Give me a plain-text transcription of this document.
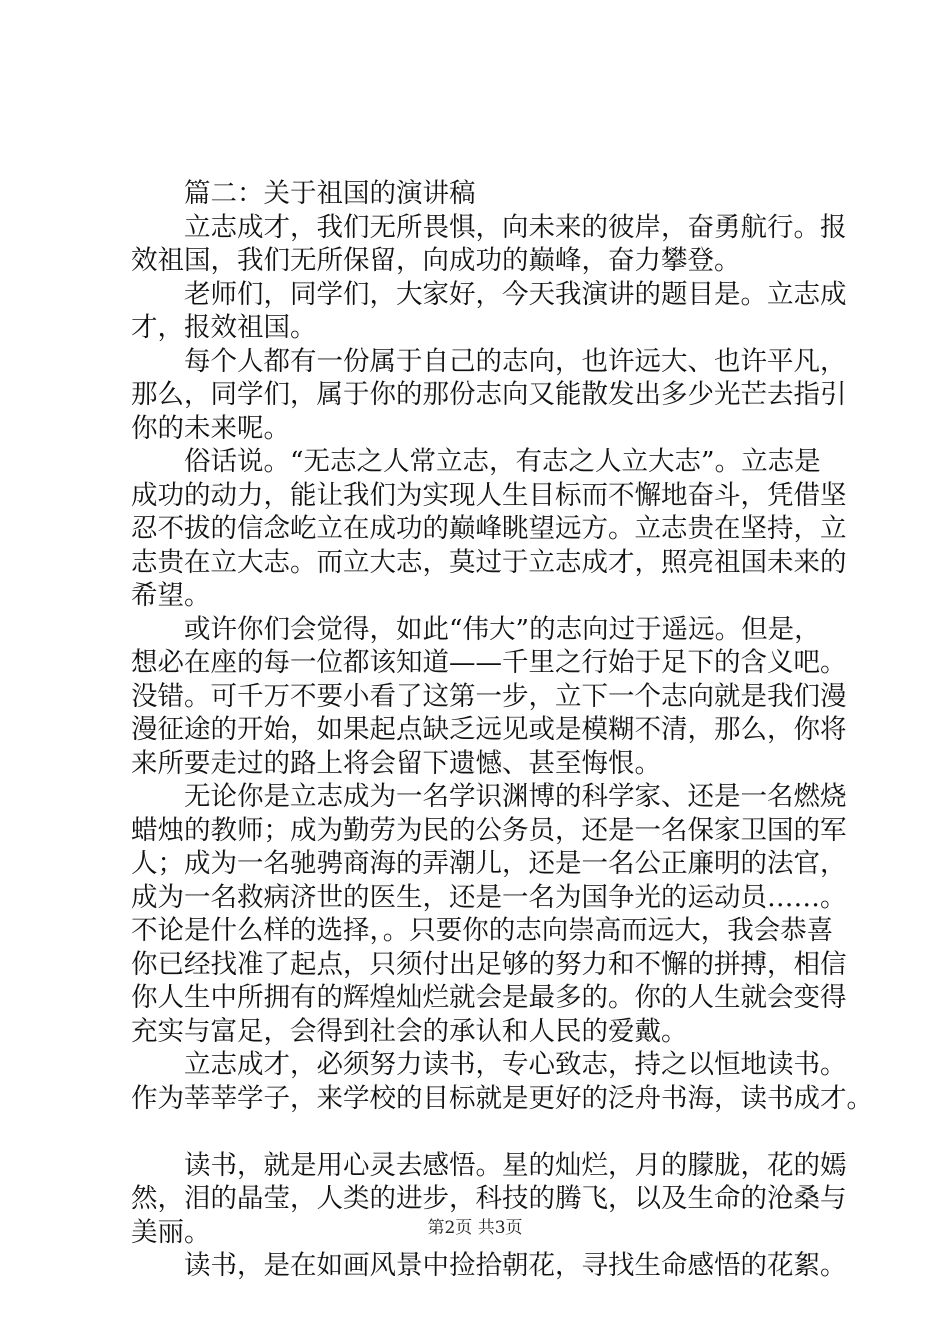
篇二：关于祖国的演讲稿
立志成才，我们无所畏惧，向未来的彼岸，奋勇航行。报
效祖国，我们无所保留，向成功的巅峰，奋力攀登。
老师们，同学们，大家好，今天我演讲的题目是。立志成
才，报效祖国。
每个人都有一份属于自己的志向，也许远大、也许平凡，
那么，同学们，属于你的那份志向又能散发出多少光芒去指引
你的未来呢。
俗话说。“无志之人常立志，有志之人立大志”。立志是
成功的动力，能让我们为实现人生目标而不懈地奋斗，凭借坚
忍不拔的信念屹立在成功的巅峰眺望远方。立志贵在坚持，立
志贵在立大志。而立大志，莫过于立志成才，照亮祖国未来的
希望。
或许你们会觉得，如此“伟大”的志向过于遥远。但是，
想必在座的每一位都该知道——千里之行始于足下的含义吧。
没错。可千万不要小看了这第一步，立下一个志向就是我们漫
漫征途的开始，如果起点缺乏远见或是模糊不清，那么，你将
来所要走过的路上将会留下遗憾、甚至悔恨。
无论你是立志成为一名学识渊博的科学家、还是一名燃烧
蜡烛的教师；成为勤劳为民的公务员，还是一名保家卫国的军
人；成为一名驰骋商海的弄潮儿，还是一名公正廉明的法官，
成为一名救病济世的医生，还是一名为国争光的运动员……。
不论是什么样的选择，。只要你的志向崇高而远大，我会恭喜
你已经找准了起点，只须付出足够的努力和不懈的拼搏，相信
你人生中所拥有的辉煌灿烂就会是最多的。你的人生就会变得
充实与富足，会得到社会的承认和人民的爱戴。
立志成才，必须努力读书，专心致志，持之以恒地读书。
作为莘莘学子，来学校的目标就是更好的泛舟书海，读书成才。
读书，就是用心灵去感悟。星的灿烂，月的朦胧，花的嫣
然，泪的晶莹，人类的进步，科技的腾飞，以及生命的沧桑与
美丽。
读书，是在如画风景中捡拾朝花，寻找生命感悟的花絮。
第2页 共3页
